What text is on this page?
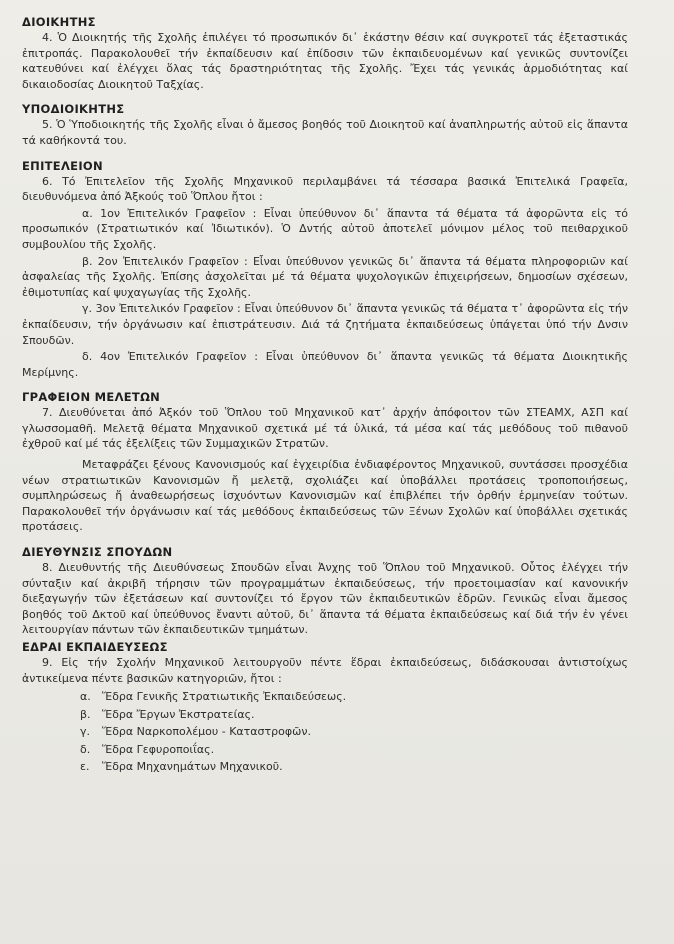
ΔΙΟΙΚΗΤΗΣ

4. Ὁ Διοικητής τῆς Σχολῆς ἐπιλέγει τό προσωπικόν δι᾽ ἑκάστην θέσιν καί συγκροτεῖ τάς ἐξεταστικάς ἐπιτροπάς. Παρακολουθεῖ τήν ἐκπαίδευσιν καί ἐπίδοσιν τῶν ἐκπαιδευομένων καί γενικῶς συντονίζει κατευθύνει καί ἐλέγχει ὅλας τάς δραστηριότητας τῆς Σχολῆς. Ἔχει τάς γενικάς ἁρμοδιότητας καί δικαιοδοσίας Διοικητοῦ Ταξχίας.

ΥΠΟΔΙΟΙΚΗΤΗΣ

5. Ὁ Ὑποδιοικητής τῆς Σχολῆς εἶναι ὁ ἄμεσος βοηθός τοῦ Διοικητοῦ καί ἀναπληρωτής αὐτοῦ εἰς ἅπαντα τά καθήκοντά του.

ΕΠΙΤΕΛΕΙΟΝ

6. Τό Ἐπιτελεῖον τῆς Σχολῆς Μηχανικοῦ περιλαμβάνει τά τέσσαρα βασικά Ἐπιτελικά Γραφεῖα, διευθυνόμενα ἀπό Ἀξκούς τοῦ Ὅπλου ἤτοι :

α. 1ον Ἐπιτελικόν Γραφεῖον : Εἶναι ὑπεύθυνον δι᾽ ἅπαντα τά θέματα τά ἀφορῶντα εἰς τό προσωπικόν (Στρατιωτικόν καί Ἰδιωτικόν). Ὁ Δντής αὐτοῦ ἀποτελεῖ μόνιμον μέλος τοῦ πειθαρχικοῦ συμβουλίου τῆς Σχολῆς.

β. 2ον Ἐπιτελικόν Γραφεῖον : Εἶναι ὑπεύθυνον γενικῶς δι᾽ ἅπαντα τά θέματα πληροφοριῶν καί ἀσφαλείας τῆς Σχολῆς. Ἐπίσης ἀσχολεῖται μέ τά θέματα ψυχολογικῶν ἐπιχειρήσεων, δημοσίων σχέσεων, ἐθιμοτυπίας καί ψυχαγωγίας τῆς Σχολῆς.

γ. 3ον Ἐπιτελικόν Γραφεῖον : Εἶναι ὑπεύθυνον δι᾽ ἅπαντα γενικῶς τά θέματα τ᾽ ἀφορῶντα εἰς τήν ἐκπαίδευσιν, τήν ὀργάνωσιν καί ἐπιστράτευσιν. Διά τά ζητήματα ἐκπαιδεύσεως ὑπάγεται ὑπό τήν Δνσιν Σπουδῶν.

δ. 4ον Ἐπιτελικόν Γραφεῖον : Εἶναι ὑπεύθυνον δι᾽ ἅπαντα γενικῶς τά θέματα Διοικητικῆς Μερίμνης.

ΓΡΑΦΕΙΟΝ ΜΕΛΕΤΩΝ

7. Διευθύνεται ἀπό Ἀξκόν τοῦ Ὅπλου τοῦ Μηχανικοῦ κατ᾽ ἀρχήν ἀπόφοιτον τῶν ΣΤΕΑΜΧ, ΑΣΠ καί γλωσσομαθῆ. Μελετᾷ θέματα Μηχανικοῦ σχετικά μέ τά ὑλικά, τά μέσα καί τάς μεθόδους τοῦ πιθανοῦ ἐχθροῦ καί μέ τάς ἐξελίξεις τῶν Συμμαχικῶν Στρατῶν.

Μεταφράζει ξένους Κανονισμούς καί ἐγχειρίδια ἐνδιαφέροντος Μηχανικοῦ, συντάσσει προσχέδια νέων στρατιωτικῶν Κανονισμῶν ἤ μελετᾷ, σχολιάζει καί ὑποβάλλει προτάσεις τροποποιήσεως, συμπληρώσεως ἤ ἀναθεωρήσεως ἰσχυόντων Κανονισμῶν καί ἐπιβλέπει τήν ὀρθήν ἑρμηνείαν τούτων. Παρακολουθεῖ τήν ὀργάνωσιν καί τάς μεθόδους ἐκπαιδεύσεως τῶν Ξένων Σχολῶν καί ὑποβάλλει σχετικάς προτάσεις.

ΔΙΕΥΘΥΝΣΙΣ ΣΠΟΥΔΩΝ

8. Διευθυντής τῆς Διευθύνσεως Σπουδῶν εἶναι Ἀνχης τοῦ Ὅπλου τοῦ Μηχανικοῦ. Οὗτος ἐλέγχει τήν σύνταξιν καί ἀκριβῆ τήρησιν τῶν προγραμμάτων ἐκπαιδεύσεως, τήν προετοιμασίαν καί κανονικήν διεξαγωγήν τῶν ἐξετάσεων καί συντονίζει τό ἔργον τῶν ἐκπαιδευτικῶν ἑδρῶν. Γενικῶς εἶναι ἄμεσος βοηθός τοῦ Δκτοῦ καί ὑπεύθυνος ἔναντι αὐτοῦ, δι᾽ ἅπαντα τά θέματα ἐκπαιδεύσεως καί διά τήν ἐν γένει λειτουργίαν πάντων τῶν ἐκπαιδευτικῶν τμημάτων.

ΕΔΡΑΙ ΕΚΠΑΙΔΕΥΣΕΩΣ

9. Εἰς τήν Σχολήν Μηχανικοῦ λειτουργοῦν πέντε ἕδραι ἐκπαιδεύσεως, διδάσκουσαι ἀντιστοίχως ἀντικείμενα πέντε βασικῶν κατηγοριῶν, ἤτοι :

α. Ἕδρα Γενικῆς Στρατιωτικῆς Ἐκπαιδεύσεως.
β. Ἕδρα Ἔργων Ἐκστρατείας.
γ. Ἕδρα Ναρκοπολέμου - Καταστροφῶν.
δ. Ἕδρα Γεφυροποιΐας.
ε. Ἕδρα Μηχανημάτων Μηχανικοῦ.
